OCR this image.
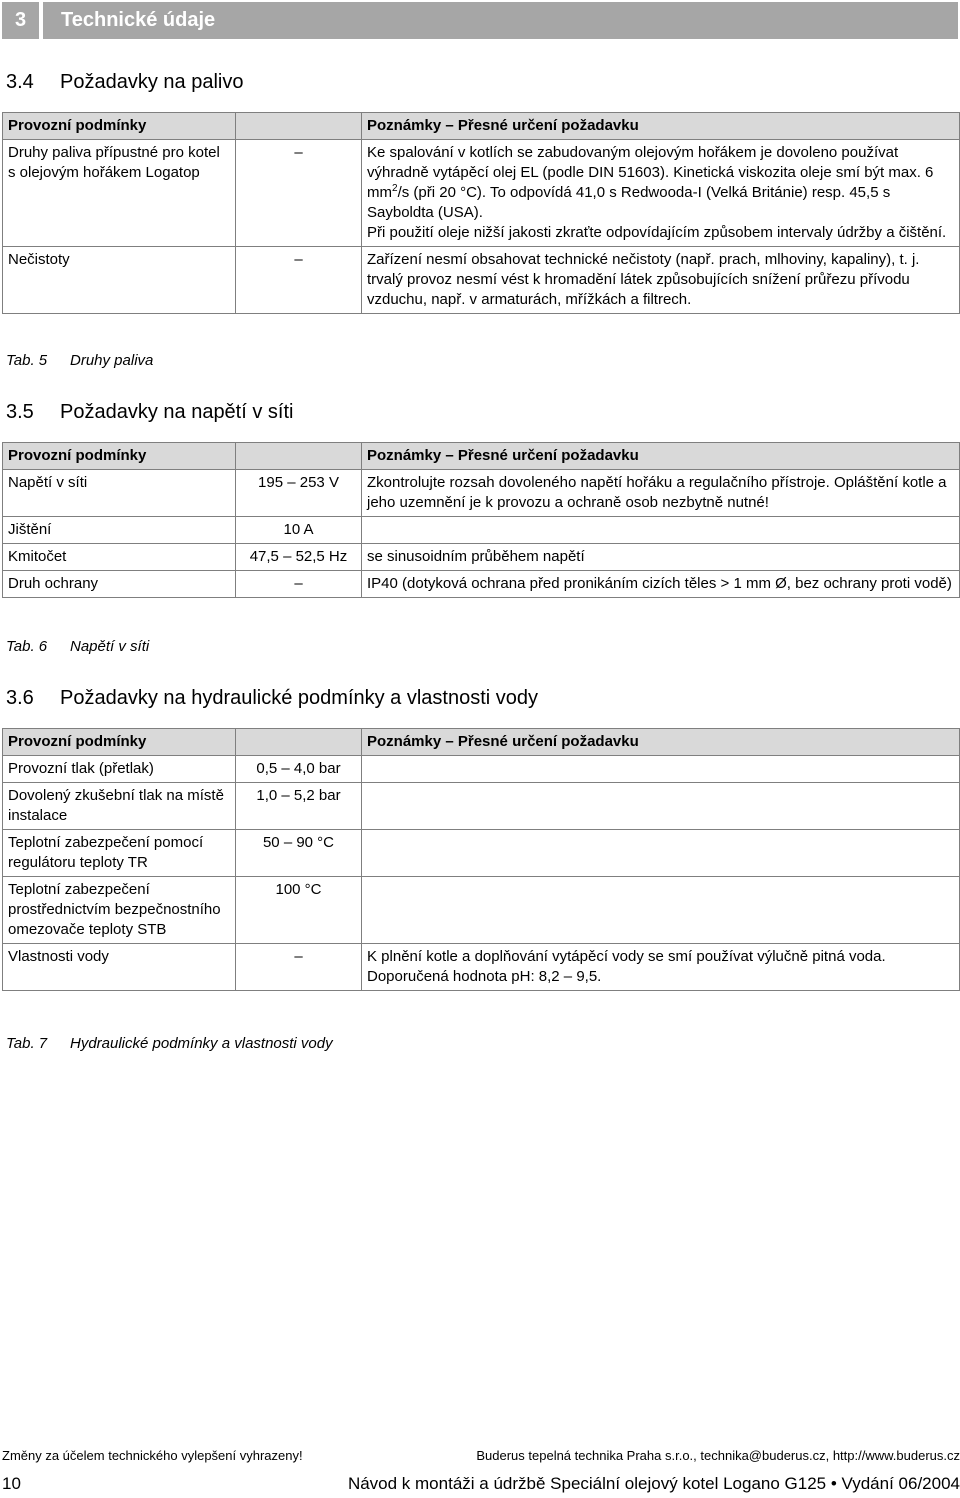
3	Technické údaje
3.4 Požadavky na palivo
Provozní podmínky		Poznámky – Přesné určení požadavku
Druhy paliva přípustné pro kotel s olejovým hořákem Logatop	–	Ke spalování v kotlích se zabudovaným olejovým hořákem je dovoleno používat výhradně vytápěcí olej EL (podle DIN 51603). Kinetická viskozita oleje smí být max. 6 $mm^2/s$ (při 20 °C). To odpovídá 41,0 s Redwooda-I (Velká Británie) resp. 45,5 s Sayboldta (USA).
Při použití oleje nižší jakosti zkraťte odpovídajícím způsobem intervaly údržby a čištění.
Nečistoty	–	Zařízení nesmí obsahovat technické nečistoty (např. prach, mlhoviny, kapaliny), t. j. trvalý provoz nesmí vést k hromadění látek způsobujících snížení průřezu přívodu vzduchu, např. v armaturách, mřížkách a filtrech.
Tab. 5 Druhy paliva
3.5 Požadavky na napětí v síti
Provozní podmínky		Poznámky – Přesné určení požadavku
Napětí v síti	195 – 253 V	Zkontrolujte rozsah dovoleného napětí hořáku a regulačního přístroje. Opláštění kotle a jeho uzemnění je k provozu a ochraně osob nezbytně nutné!
Jištění	10 A	
Kmitočet	47,5 – 52,5 Hz	se sinusoidním průběhem napětí
Druh ochrany	–	IP40 (dotyková ochrana před pronikáním cizích těles > 1 mm Ø, bez ochrany proti vodě)
Tab. 6 Napětí v síti
3.6 Požadavky na hydraulické podmínky a vlastnosti vody
Provozní podmínky		Poznámky – Přesné určení požadavku
Provozní tlak (přetlak)	0,5 – 4,0 bar	
Dovolený zkušební tlak na místě instalace	1,0 – 5,2 bar	
Teplotní zabezpečení pomocí regulátoru teploty TR	50 – 90 °C	
Teplotní zabezpečení prostřednictvím bezpečnostního omezovače teploty STB	100 °C	
Vlastnosti vody	–	K plnění kotle a doplňování vytápěcí vody se smí používat výlučně pitná voda. Doporučená hodnota pH: 8,2 – 9,5.
Tab. 7 Hydraulické podmínky a vlastnosti vody
Změny za účelem technického vylepšení vyhrazeny!	Buderus tepelná technika Praha s.r.o., technika@buderus.cz, http://www.buderus.cz
10	Návod k montáži a údržbě Speciální olejový kotel Logano G125 • Vydání 06/2004
